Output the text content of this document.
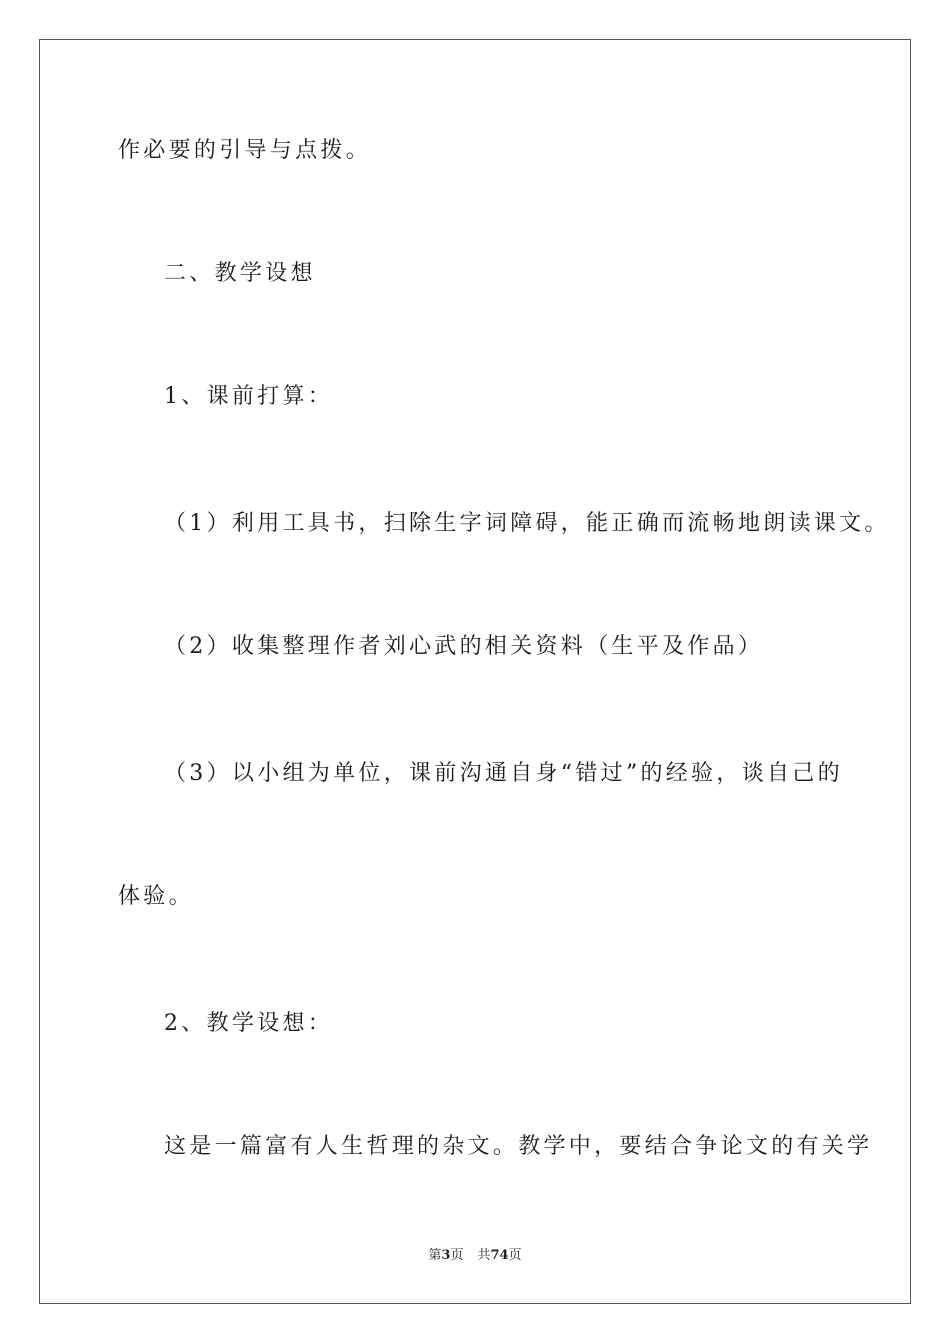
作必要的引导与点拨。
二、教学设想
1、课前打算：
（1）利用工具书，扫除生字词障碍，能正确而流畅地朗读课文。
（2）收集整理作者刘心武的相关资料（生平及作品）
（3）以小组为单位，课前沟通自身“错过”的经验，谈自己的
体验。
2、教学设想：
这是一篇富有人生哲理的杂文。教学中，要结合争论文的有关学
第3页 共74页
